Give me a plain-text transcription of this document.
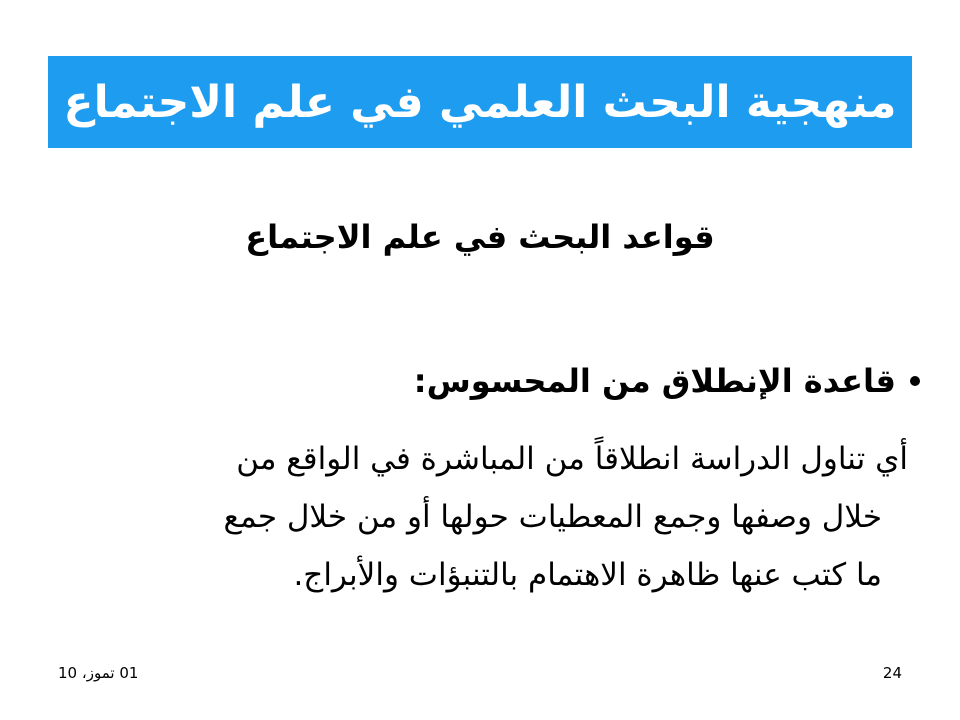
منهجية البحث العلمي في علم الاجتماع
قواعد البحث في علم الاجتماع
قاعدة الإنطلاق من المحسوس:
أي تناول الدراسة انطلاقاً من المباشرة في الواقع من
خلال وصفها وجمع المعطيات حولها أو من خلال جمع
ما كتب عنها ظاهرة الاهتمام بالتنبؤات والأبراج.
01 تموز، 10	24
